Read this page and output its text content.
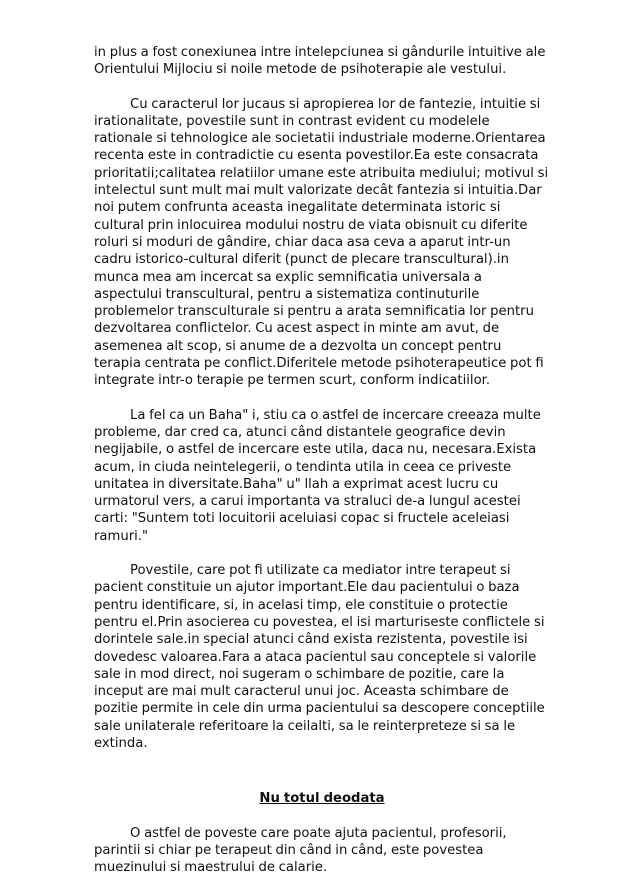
in plus a fost conexiunea intre intelepciunea si gândurile intuitive ale Orientului Mijlociu si noile metode de psihoterapie ale vestului.

Cu caracterul lor jucaus si apropierea lor de fantezie, intuitie si irationalitate, povestile sunt in contrast evident cu modelele rationale si tehnologice ale societatii industriale moderne.Orientarea recenta este in contradictie cu esenta povestilor.Ea este consacrata prioritatii;calitatea relatiilor umane este atribuita mediului; motivul si intelectul sunt mult mai mult valorizate decât fantezia si intuitia.Dar noi putem confrunta aceasta inegalitate determinata istoric si cultural prin inlocuirea modului nostru de viata obisnuit cu diferite roluri si moduri de gândire, chiar daca asa ceva a aparut intr-un cadru istorico-cultural diferit (punct de plecare transcultural).in munca mea am incercat sa explic semnificatia universala a aspectului transcultural, pentru a sistematiza continuturile problemelor transculturale si pentru a arata semnificatia lor pentru dezvoltarea conflictelor. Cu acest aspect in minte am avut, de asemenea alt scop, si anume de a dezvolta un concept pentru terapia centrata pe conflict.Diferitele metode psihoterapeutice pot fi integrate intr-o terapie pe termen scurt, conform indicatiilor.

La fel ca un Baha" i, stiu ca o astfel de incercare creeaza multe probleme, dar cred ca, atunci când distantele geografice devin negijabile, o astfel de incercare este utila, daca nu, necesara.Exista acum, in ciuda neintelegerii, o tendinta utila in ceea ce priveste unitatea in diversitate.Baha" u" llah a exprimat acest lucru cu urmatorul vers, a carui importanta va straluci de-a lungul acestei carti: "Suntem toti locuitorii aceluiasi copac si fructele aceleiasi ramuri."

Povestile, care pot fi utilizate ca mediator intre terapeut si pacient constituie un ajutor important.Ele dau pacientului o baza pentru identificare, si, in acelasi timp, ele constituie o protectie pentru el.Prin asocierea cu povestea, el isi marturiseste conflictele si dorintele sale.in special atunci când exista rezistenta, povestile isi dovedesc valoarea.Fara a ataca pacientul sau conceptele si valorile sale in mod direct, noi sugeram o schimbare de pozitie, care la inceput are mai mult caracterul unui joc. Aceasta schimbare de pozitie permite in cele din urma pacientului sa descopere conceptiile sale unilaterale referitoare la ceilalti, sa le reinterpreteze si sa le extinda.

Nu totul deodata

O astfel de poveste care poate ajuta pacientul, profesorii, parintii si chiar pe terapeut din când in când, este povestea muezinului si maestrului de calarie.
